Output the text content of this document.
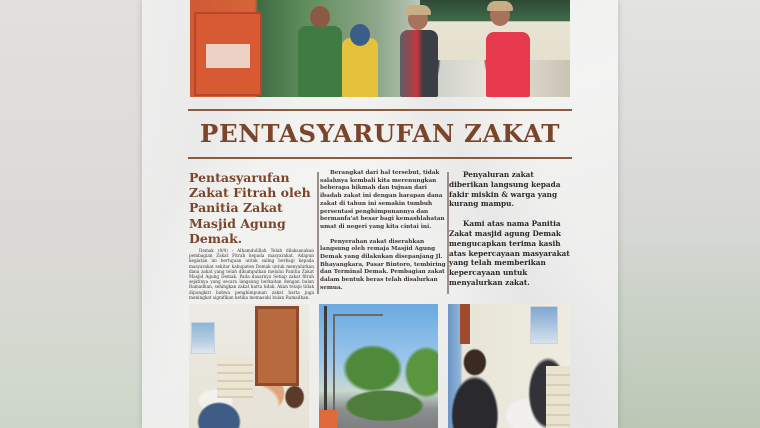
PENTASYARUFAN ZAKAT
Pentasyarufan Zakat Fitrah oleh Panitia Zakat Masjid Agung Demak.
Demak (8/4) - Alhamdulillah Telah dilaksanakan pembagian Zakat Fitrah kepada masyarakat. Adapun kegiatan ini bertujuan untuk saling berbagi kepada masyarakat sekitar kabupaten Demak untuk menyalurkan dana zakat yang telah dikumpulkan melalui Panitia Zakat Masjid Agung Demak. Pada dasarnya Setiap zakat fitrah sejatinya yang secara langsung berkaitan dengan bulan Ramadhan, sehingkan zakat harta tidak. Akan tetapi tidak dipungkiri bahwa penghimpunan zakat harta juga meningkat signifikan ketika memasuki bulan Ramadhan.

Berangkat dari hal tersebut, tidak salahnya kembali kita merenungkan beberapa hikmah dan tujuan dari ibadah zakat ini dengan harapan dana zakat di tahun ini semakin tumbuh persentasi penghimpunannya dan bermanfa'at besar bagi kemashlahatan umat di negeri yang kita cintai ini.

Penyerahan zakat diserahkan langsung oleh remaja Masjid Agung Demak yang dilakukan disepanjang Jl. Bhayangkara, Pasar Bintoro, tembiring dan Terminal Demak. Pembagian zakat dalam bentuk beras telah disalurkan semua.

Penyaluran zakat diberikan langsung kepada fakir miskin & warga yang kurang mampu.

Kami atas nama Panitia Zakat masjid agung Demak mengucapkan terima kasih atas kepercayaan masyarakat yang telah memberikan kepercayaan untuk menyalurkan zakat.
